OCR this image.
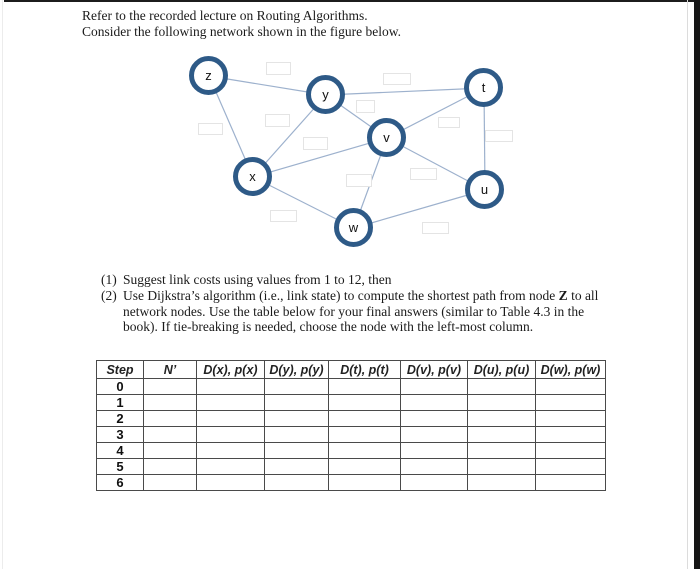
Refer to the recorded lecture on Routing Algorithms.
Consider the following network shown in the figure below.
z
y	t
v
x
u
w
(1) Suggest link costs using values from 1 to 12, then
(2) Use Dijkstra’s algorithm (i.e., link state) to compute the shortest path from node Z to all network nodes. Use the table below for your final answers (similar to Table 4.3 in the book). If tie-breaking is needed, choose the node with the left-most column.
Step	N’	D(x), p(x)	D(y), p(y)	D(t), p(t)	D(v), p(v)	D(u), p(u)	D(w), p(w)
0							
1							
2							
3							
4							
5							
6							
